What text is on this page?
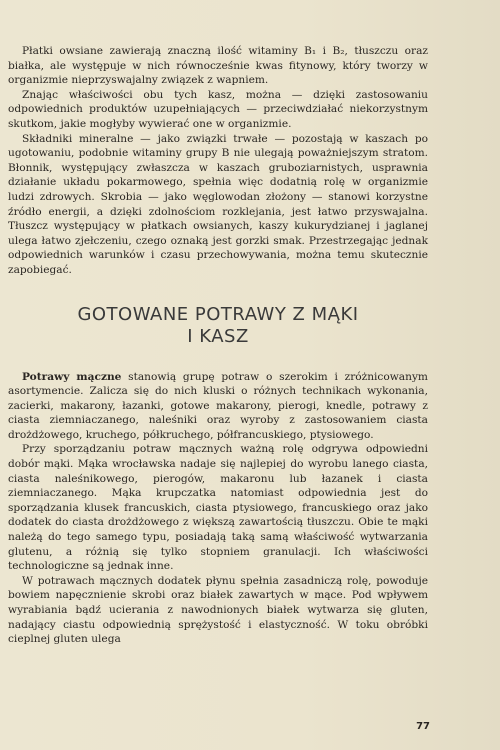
Płatki owsiane zawierają znaczną ilość witaminy B₁ i B₂, tłuszczu oraz białka, ale występuje w nich równocześnie kwas fitynowy, który tworzy w organizmie nieprzyswajalny związek z wapniem.

Znając właściwości obu tych kasz, można — dzięki zastosowaniu odpowiednich produktów uzupełniających — przeciwdziałać niekorzystnym skutkom, jakie mogłyby wywierać one w organizmie.

Składniki mineralne — jako związki trwałe — pozostają w kaszach po ugotowaniu, podobnie witaminy grupy B nie ulegają poważniejszym stratom. Błonnik, występujący zwłaszcza w kaszach gruboziarnistych, usprawnia działanie układu pokarmowego, spełnia więc dodatnią rolę w organizmie ludzi zdrowych. Skrobia — jako węglowodan złożony — stanowi korzystne źródło energii, a dzięki zdolnościom rozklejania, jest łatwo przyswajalna. Tłuszcz występujący w płatkach owsianych, kaszy kukurydzianej i jaglanej ulega łatwo zjełczeniu, czego oznaką jest gorzki smak. Przestrzegając jednak odpowiednich warunków i czasu przechowywania, można temu skutecznie zapobiegać.

GOTOWANE POTRAWY Z MĄKI
I KASZ

Potrawy mączne stanowią grupę potraw o szerokim i zróżnicowanym asortymencie. Zalicza się do nich kluski o różnych technikach wykonania, zacierki, makarony, łazanki, gotowe makarony, pierogi, knedle, potrawy z ciasta ziemniaczanego, naleśniki oraz wyroby z zastosowaniem ciasta drożdżowego, kruchego, półkruchego, półfrancuskiego, ptysiowego.

Przy sporządzaniu potraw mącznych ważną rolę odgrywa odpowiedni dobór mąki. Mąka wrocławska nadaje się najlepiej do wyrobu lanego ciasta, ciasta naleśnikowego, pierogów, makaronu lub łazanek i ciasta ziemniaczanego. Mąka krupczatka natomiast odpowiednia jest do sporządzania klusek francuskich, ciasta ptysiowego, francuskiego oraz jako dodatek do ciasta drożdżowego z większą zawartością tłuszczu. Obie te mąki należą do tego samego typu, posiadają taką samą właściwość wytwarzania glutenu, a różnią się tylko stopniem granulacji. Ich właściwości technologiczne są jednak inne.

W potrawach mącznych dodatek płynu spełnia zasadniczą rolę, powoduje bowiem napęcznienie skrobi oraz białek zawartych w mące. Pod wpływem wyrabiania bądź ucierania z nawodnionych białek wytwarza się gluten, nadający ciastu odpowiednią sprężystość i elastyczność. W toku obróbki cieplnej gluten ulega

77
